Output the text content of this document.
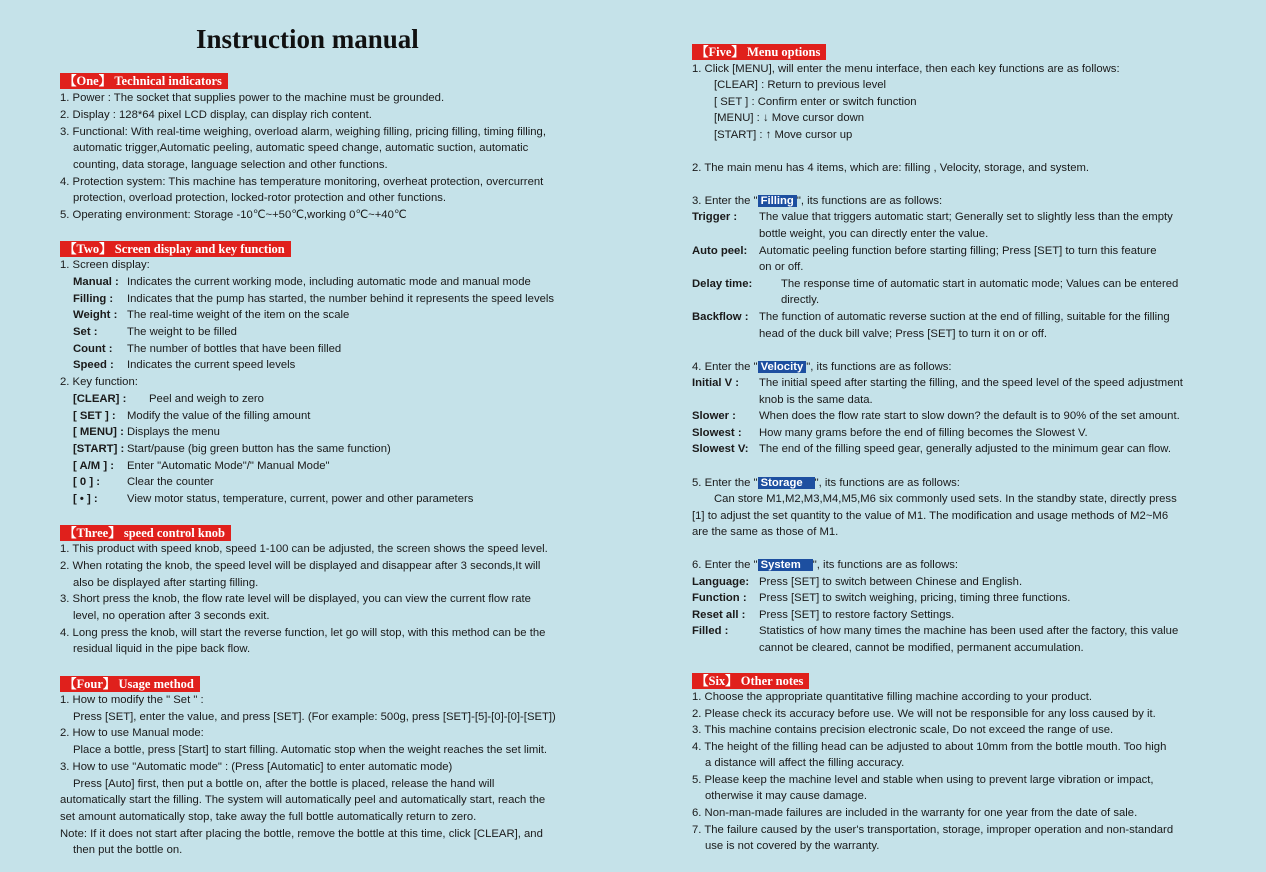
Instruction manual
【One】 Technical indicators
1. Power : The socket that supplies power to the machine must be grounded.
2. Display : 128*64 pixel LCD display, can display rich content.
3. Functional: With real-time weighing, overload alarm, weighing filling, pricing filling, timing filling,
automatic trigger,Automatic peeling, automatic speed change, automatic suction, automatic
counting, data storage, language selection and other functions.
4. Protection system: This machine has temperature monitoring, overheat protection, overcurrent
protection, overload protection, locked-rotor protection and other functions.
5. Operating environment: Storage -10℃~+50℃,working 0℃~+40℃
【Two】 Screen display and key function
1. Screen display:
Manual : Indicates the current working mode, including automatic mode and manual mode
Filling : Indicates that the pump has started, the number behind it represents the speed levels
Weight : The real-time weight of the item on the scale
Set :	The weight to be filled
Count : The number of bottles that have been filled
Speed : Indicates the current speed levels
2. Key function:
[CLEAR] : Peel and weigh to zero
[ SET ] : Modify the value of the filling amount
[ MENU] : Displays the menu
[START] : Start/pause (big green button has the same function)
[ A/M ] : Enter "Automatic Mode"/" Manual Mode"
[ 0 ] : Clear the counter
[ • ] :	View motor status, temperature, current, power and other parameters
【Three】 speed control knob
1. This product with speed knob, speed 1-100 can be adjusted, the screen shows the speed level.
2. When rotating the knob, the speed level will be displayed and disappear after 3 seconds,It will
also be displayed after starting filling.
3. Short press the knob, the flow rate level will be displayed, you can view the current flow rate
level, no operation after 3 seconds exit.
4. Long press the knob, will start the reverse function, let go will stop, with this method can be the
residual liquid in the pipe back flow.
【Four】 Usage method
1. How to modify the " Set " :
Press [SET], enter the value, and press [SET]. (For example: 500g, press [SET]-[5]-[0]-[0]-[SET])
2. How to use Manual mode:
Place a bottle, press [Start] to start filling. Automatic stop when the weight reaches the set limit.
3. How to use "Automatic mode" : (Press [Automatic] to enter automatic mode)
Press [Auto] first, then put a bottle on, after the bottle is placed, release the hand will
automatically start the filling. The system will automatically peel and automatically start, reach the
set amount automatically stop, take away the full bottle automatically return to zero.
Note: If it does not start after placing the bottle, remove the bottle at this time, click [CLEAR], and
then put the bottle on.
【Five】 Menu options
1. Click [MENU], will enter the menu interface, then each key functions are as follows:
[CLEAR] : Return to previous level
[ SET ] : Confirm enter or switch function
[MENU] : ↓ Move cursor down
[START] : ↑ Move cursor up
2. The main menu has 4 items, which are: filling , Velocity, storage, and system.
3. Enter the " Filling ", its functions are as follows:
Trigger : The value that triggers automatic start; Generally set to slightly less than the empty
bottle weight, you can directly enter the value.
Auto peel: Automatic peeling function before starting filling; Press [SET] to turn this feature
on or off.
Delay time:	The response time of automatic start in automatic mode; Values can be entered
directly.
Backflow : The function of automatic reverse suction at the end of filling, suitable for the filling
head of the duck bill valve; Press [SET] to turn it on or off.
4. Enter the " Velocity ", its functions are as follows:
Initial V : The initial speed after starting the filling, and the speed level of the speed adjustment
knob is the same data.
Slower : When does the flow rate start to slow down? the default is to 90% of the set amount.
Slowest : How many grams before the end of filling becomes the Slowest V.
Slowest V: The end of the filling speed gear, generally adjusted to the minimum gear can flow.
5. Enter the " Storage ", its functions are as follows:
Can store M1,M2,M3,M4,M5,M6 six commonly used sets. In the standby state, directly press
[1] to adjust the set quantity to the value of M1. The modification and usage methods of M2~M6
are the same as those of M1.
6. Enter the " System ", its functions are as follows:
Language: Press [SET] to switch between Chinese and English.
Function : Press [SET] to switch weighing, pricing, timing three functions.
Reset all : Press [SET] to restore factory Settings.
Filled :	Statistics of how many times the machine has been used after the factory, this value
cannot be cleared, cannot be modified, permanent accumulation.
【Six】 Other notes
1. Choose the appropriate quantitative filling machine according to your product.
2. Please check its accuracy before use. We will not be responsible for any loss caused by it.
3. This machine contains precision electronic scale, Do not exceed the range of use.
4. The height of the filling head can be adjusted to about 10mm from the bottle mouth. Too high
a distance will affect the filling accuracy.
5. Please keep the machine level and stable when using to prevent large vibration or impact,
otherwise it may cause damage.
6. Non-man-made failures are included in the warranty for one year from the date of sale.
7. The failure caused by the user's transportation, storage, improper operation and non-standard
use is not covered by the warranty.
